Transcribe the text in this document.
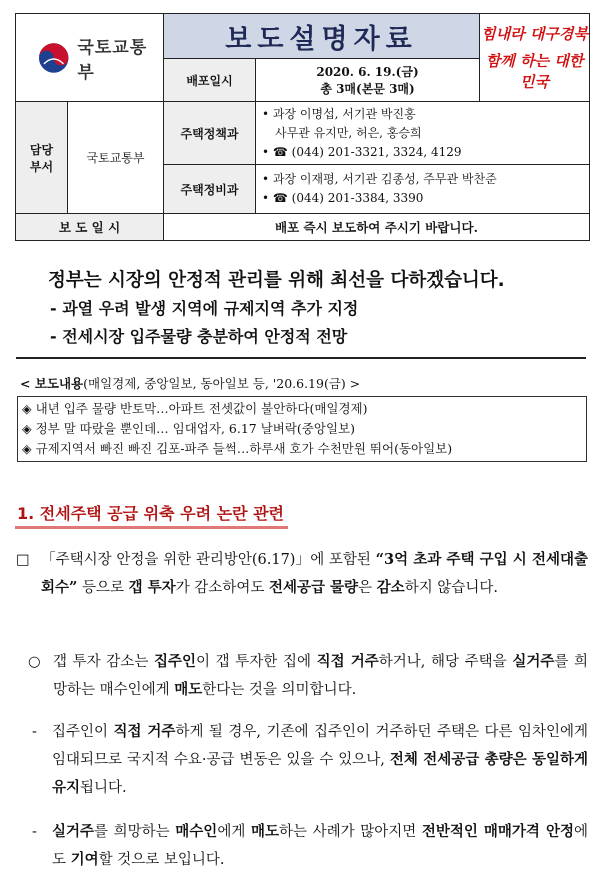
국토교통부		보도설명자료		힘내라 대구경북
함께 하는 대한민국

		배포일시	2020. 6. 19.(금)
총 3매(본문 3매)	

담당 부서	국토교통부	주택정책과	• 과장 이명섭, 서기관 박진홍
사무관 유지만, 허은, 홍승희
• ☎ (044) 201-3321, 3324, 4129	

		주택정비과	• 과장 이재평, 서기관 김종성, 주무관 박찬준
• ☎ (044) 201-3384, 3390	

보 도 일 시		배포 즉시 보도하여 주시기 바랍니다.		
정부는 시장의 안정적 관리를 위해 최선을 다하겠습니다.
- 과열 우려 발생 지역에 규제지역 추가 지정
- 전세시장 입주물량 충분하여 안정적 전망
< 보도내용(매일경제, 중앙일보, 동아일보 등, '20.6.19(금) >
◈ 내년 입주 물량 반토막…아파트 전셋값이 불안하다(매일경제)
◈ 정부 말 따랐을 뿐인데… 임대업자, 6.17 날벼락(중앙일보)
◈ 규제지역서 빠진 빠진 김포-파주 들썩…하루새 호가 수천만원 뛰어(동아일보)
1. 전세주택 공급 위축 우려 논란 관련
□ 「주택시장 안정을 위한 관리방안(6.17)」에 포함된 “3억 초과 주택 구입 시 전세대출 회수” 등으로 갭 투자가 감소하여도 전세공급 물량은 감소하지 않습니다.
○ 갭 투자 감소는 집주인이 갭 투자한 집에 직접 거주하거나, 해당 주택을 실거주를 희망하는 매수인에게 매도한다는 것을 의미합니다.
-	집주인이 직접 거주하게 될 경우, 기존에 집주인이 거주하던 주택은 다른 임차인에게 임대되므로 국지적 수요·공급 변동은 있을 수 있으나, 전체 전세공급 총량은 동일하게 유지됩니다.
-	실거주를 희망하는 매수인에게 매도하는 사례가 많아지면 전반적인 매매가격 안정에도 기여할 것으로 보입니다.
